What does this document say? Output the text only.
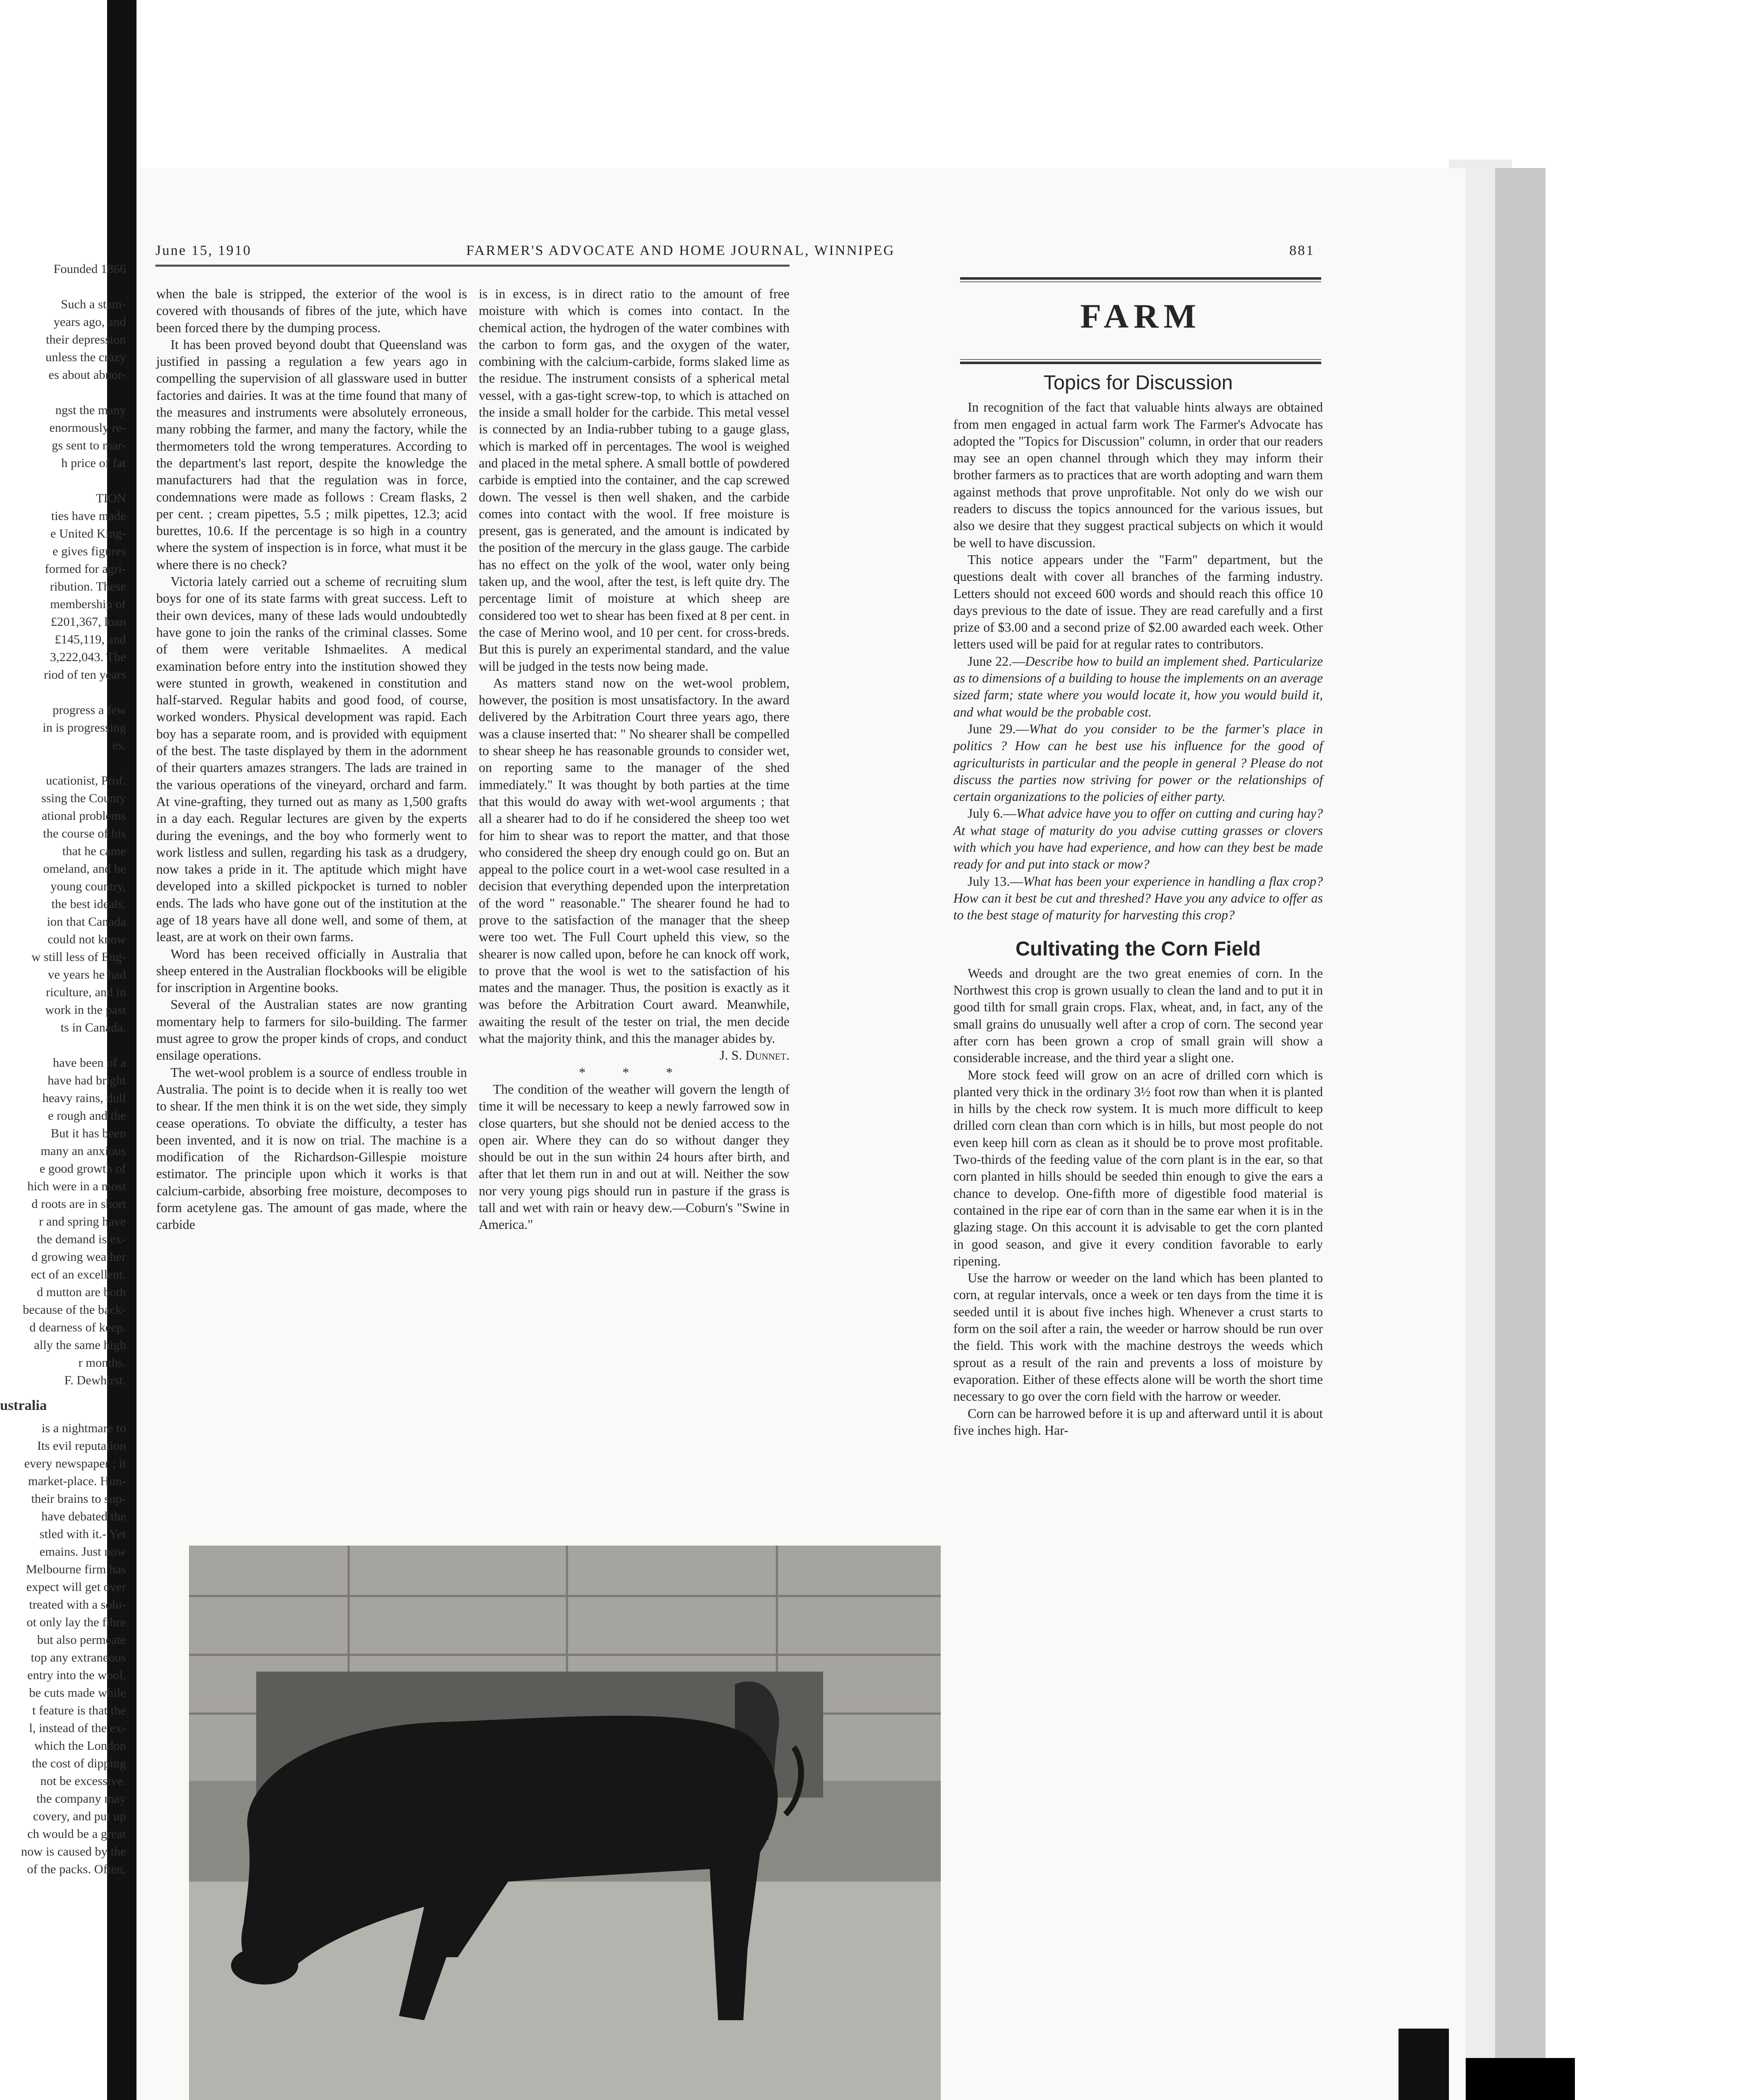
Founded 1866

Such a stam-
years ago, and
their depression
unless the crazy
es about abnor-

ngst the many
enormously re-
gs sent to mar-
h price of fat

TION
ties have made
e United King-
e gives figures
formed for agri-
ribution. These
membership of
£201,367, loan
£145,119, and
3,222,043. The
riod of ten years

progress a few
in is progressing
es.

ucationist, Prof.
ssing the County
ational problems
the course of his
that he came
omeland, and he
young country,
the best ideals.
ion that Canada
could not know
w still less of Eng-
ve years he had
riculture, and in
work in the past
ts in Canada.

have been of a
have had bright
heavy rains, dull
e rough and the
But it has been
many an anxious
e good growth of
hich were in a most
d roots are in short
r and spring have
the demand is ex-
d growing weather
ect of an excellent.
d mutton are both
because of the back-
d dearness of keep.
ally the same high
r months.
F. Dewhirst.
ustralia
is a nightmare to
Its evil reputation
every newspaper ; it
market-place. Hun-
their brains to sup-
have debated the
stled with it.- Yet
emains. Just now
Melbourne firm has
expect will get over
treated with a solu-
ot only lay the fibre
but also permeate
top any extraneous
entry into the wool,
be cuts made while
t feature is that the
l, instead of the ex-
which the London
the cost of dipping
not be excessive.
the company may
covery, and put up
ch would be a great
now is caused by the
of the packs. Often,
June 15, 1910	FARMER'S ADVOCATE AND HOME JOURNAL, WINNIPEG	881

when the bale is stripped, the exterior of the wool is covered with thousands of fibres of the jute, which have been forced there by the dumping process.

It has been proved beyond doubt that Queensland was justified in passing a regulation a few years ago in compelling the supervision of all glassware used in butter factories and dairies. It was at the time found that many of the measures and instruments were absolutely erroneous, many robbing the farmer, and many the factory, while the thermometers told the wrong temperatures. According to the department's last report, despite the knowledge the manufacturers had that the regulation was in force, condemnations were made as follows : Cream flasks, 2 per cent. ; cream pipettes, 5.5 ; milk pipettes, 12.3; acid burettes, 10.6. If the percentage is so high in a country where the system of inspection is in force, what must it be where there is no check?

Victoria lately carried out a scheme of recruiting slum boys for one of its state farms with great success. Left to their own devices, many of these lads would undoubtedly have gone to join the ranks of the criminal classes. Some of them were veritable Ishmaelites. A medical examination before entry into the institution showed they were stunted in growth, weakened in constitution and half-starved. Regular habits and good food, of course, worked wonders. Physical development was rapid. Each boy has a separate room, and is provided with equipment of the best. The taste displayed by them in the adornment of their quarters amazes strangers. The lads are trained in the various operations of the vineyard, orchard and farm. At vine-grafting, they turned out as many as 1,500 grafts in a day each. Regular lectures are given by the experts during the evenings, and the boy who formerly went to work listless and sullen, regarding his task as a drudgery, now takes a pride in it. The aptitude which might have developed into a skilled pickpocket is turned to nobler ends. The lads who have gone out of the institution at the age of 18 years have all done well, and some of them, at least, are at work on their own farms.

Word has been received officially in Australia that sheep entered in the Australian flockbooks will be eligible for inscription in Argentine books.

Several of the Australian states are now granting momentary help to farmers for silo-building. The farmer must agree to grow the proper kinds of crops, and conduct ensilage operations.

The wet-wool problem is a source of endless trouble in Australia. The point is to decide when it is really too wet to shear. If the men think it is on the wet side, they simply cease operations. To obviate the difficulty, a tester has been invented, and it is now on trial. The machine is a modification of the Richardson-Gillespie moisture estimator. The principle upon which it works is that calcium-carbide, absorbing free moisture, decomposes to form acetylene gas. The amount of gas made, where the carbide

is in excess, is in direct ratio to the amount of free moisture with which is comes into contact. In the chemical action, the hydrogen of the water combines with the carbon to form gas, and the oxygen of the water, combining with the calcium-carbide, forms slaked lime as the residue. The instrument consists of a spherical metal vessel, with a gas-tight screw-top, to which is attached on the inside a small holder for the carbide. This metal vessel is connected by an India-rubber tubing to a gauge glass, which is marked off in percentages. The wool is weighed and placed in the metal sphere. A small bottle of powdered carbide is emptied into the container, and the cap screwed down. The vessel is then well shaken, and the carbide comes into contact with the wool. If free moisture is present, gas is generated, and the amount is indicated by the position of the mercury in the glass gauge. The carbide has no effect on the yolk of the wool, water only being taken up, and the wool, after the test, is left quite dry. The percentage limit of moisture at which sheep are considered too wet to shear has been fixed at 8 per cent. in the case of Merino wool, and 10 per cent. for cross-breds. But this is purely an experimental standard, and the value will be judged in the tests now being made.

As matters stand now on the wet-wool problem, however, the position is most unsatisfactory. In the award delivered by the Arbitration Court three years ago, there was a clause inserted that: " No shearer shall be compelled to shear sheep he has reasonable grounds to consider wet, on reporting same to the manager of the shed immediately." It was thought by both parties at the time that this would do away with wet-wool arguments ; that all a shearer had to do if he considered the sheep too wet for him to shear was to report the matter, and that those who considered the sheep dry enough could go on. But an appeal to the police court in a wet-wool case resulted in a decision that everything depended upon the interpretation of the word " reasonable." The shearer found he had to prove to the satisfaction of the manager that the sheep were too wet. The Full Court upheld this view, so the shearer is now called upon, before he can knock off work, to prove that the wool is wet to the satisfaction of his mates and the manager. Thus, the position is exactly as it was before the Arbitration Court award. Meanwhile, awaiting the result of the tester on trial, the men decide what the majority think, and this the manager abides by.

J. S. Dunnet.
* * *

The condition of the weather will govern the length of time it will be necessary to keep a newly farrowed sow in close quarters, but she should not be denied access to the open air. Where they can do so without danger they should be out in the sun within 24 hours after birth, and after that let them run in and out at will. Neither the sow nor very young pigs should run in pasture if the grass is tall and wet with rain or heavy dew.—Coburn's "Swine in America."

FARM
Topics for Discussion

In recognition of the fact that valuable hints always are obtained from men engaged in actual farm work The Farmer's Advocate has adopted the "Topics for Discussion" column, in order that our readers may see an open channel through which they may inform their brother farmers as to practices that are worth adopting and warn them against methods that prove unprofitable. Not only do we wish our readers to discuss the topics announced for the various issues, but also we desire that they suggest practical subjects on which it would be well to have discussion.

This notice appears under the "Farm" department, but the questions dealt with cover all branches of the farming industry. Letters should not exceed 600 words and should reach this office 10 days previous to the date of issue. They are read carefully and a first prize of $3.00 and a second prize of $2.00 awarded each week. Other letters used will be paid for at regular rates to contributors.

June 22.—Describe how to build an implement shed. Particularize as to dimensions of a building to house the implements on an average sized farm; state where you would locate it, how you would build it, and what would be the probable cost.

June 29.—What do you consider to be the farmer's place in politics ? How can he best use his influence for the good of agriculturists in particular and the people in general ? Please do not discuss the parties now striving for power or the relationships of certain organizations to the policies of either party.

July 6.—What advice have you to offer on cutting and curing hay? At what stage of maturity do you advise cutting grasses or clovers with which you have had experience, and how can they best be made ready for and put into stack or mow?

July 13.—What has been your experience in handling a flax crop? How can it best be cut and threshed? Have you any advice to offer as to the best stage of maturity for harvesting this crop?

Cultivating the Corn Field

Weeds and drought are the two great enemies of corn. In the Northwest this crop is grown usually to clean the land and to put it in good tilth for small grain crops. Flax, wheat, and, in fact, any of the small grains do unusually well after a crop of corn. The second year after corn has been grown a crop of small grain will show a considerable increase, and the third year a slight one.

More stock feed will grow on an acre of drilled corn which is planted very thick in the ordinary 3½ foot row than when it is planted in hills by the check row system. It is much more difficult to keep drilled corn clean than corn which is in hills, but most people do not even keep hill corn as clean as it should be to prove most profitable. Two-thirds of the feeding value of the corn plant is in the ear, so that corn planted in hills should be seeded thin enough to give the ears a chance to develop. One-fifth more of digestible food material is contained in the ripe ear of corn than in the same ear when it is in the glazing stage. On this account it is advisable to get the corn planted in good season, and give it every condition favorable to early ripening.

Use the harrow or weeder on the land which has been planted to corn, at regular intervals, once a week or ten days from the time it is seeded until it is about five inches high. Whenever a crust starts to form on the soil after a rain, the weeder or harrow should be run over the field. This work with the machine destroys the weeds which sprout as a result of the rain and prevents a loss of moisture by evaporation. Either of these effects alone will be worth the short time necessary to go over the corn field with the harrow or weeder.

Corn can be harrowed before it is up and afterward until it is about five inches high. Har-
